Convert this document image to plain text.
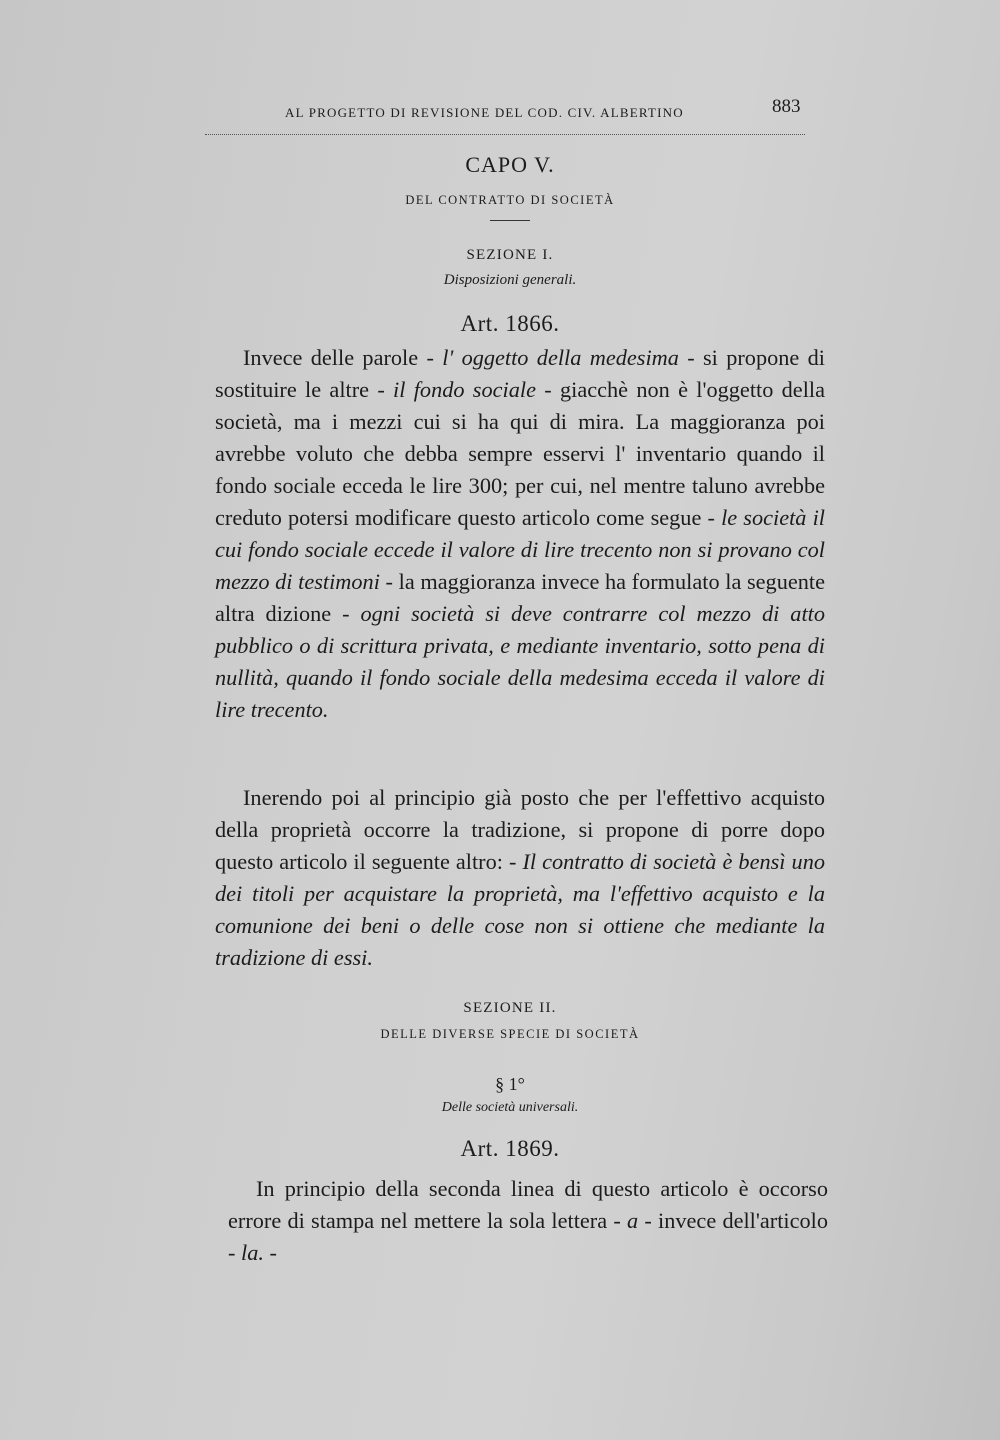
AL PROGETTO DI REVISIONE DEL COD. CIV. ALBERTINO	883
CAPO V.
DEL CONTRATTO DI SOCIETÀ
SEZIONE I.
Disposizioni generali.
Art. 1866.

Invece delle parole - l' oggetto della medesima - si propone di sostituire le altre - il fondo sociale - giacchè non è l'oggetto della società, ma i mezzi cui si ha qui di mira. La maggioranza poi avrebbe voluto che debba sempre esservi l' inventario quando il fondo sociale ecceda le lire 300; per cui, nel mentre taluno avrebbe creduto potersi modificare questo articolo come segue - le società il cui fondo sociale eccede il valore di lire trecento non si provano col mezzo di testimoni - la maggioranza invece ha formulato la seguente altra dizione - ogni società si deve contrarre col mezzo di atto pubblico o di scrittura privata, e mediante inventario, sotto pena di nullità, quando il fondo sociale della medesima ecceda il valore di lire trecento.

Inerendo poi al principio già posto che per l'effettivo acquisto della proprietà occorre la tradizione, si propone di porre dopo questo articolo il seguente altro: - Il contratto di società è bensì uno dei titoli per acquistare la proprietà, ma l'effettivo acquisto e la comunione dei beni o delle cose non si ottiene che mediante la tradizione di essi.

SEZIONE II.
DELLE DIVERSE SPECIE DI SOCIETÀ
§ 1°
Delle società universali.
Art. 1869.

In principio della seconda linea di questo articolo è occorso errore di stampa nel mettere la sola lettera - a - invece dell'articolo - la. -
